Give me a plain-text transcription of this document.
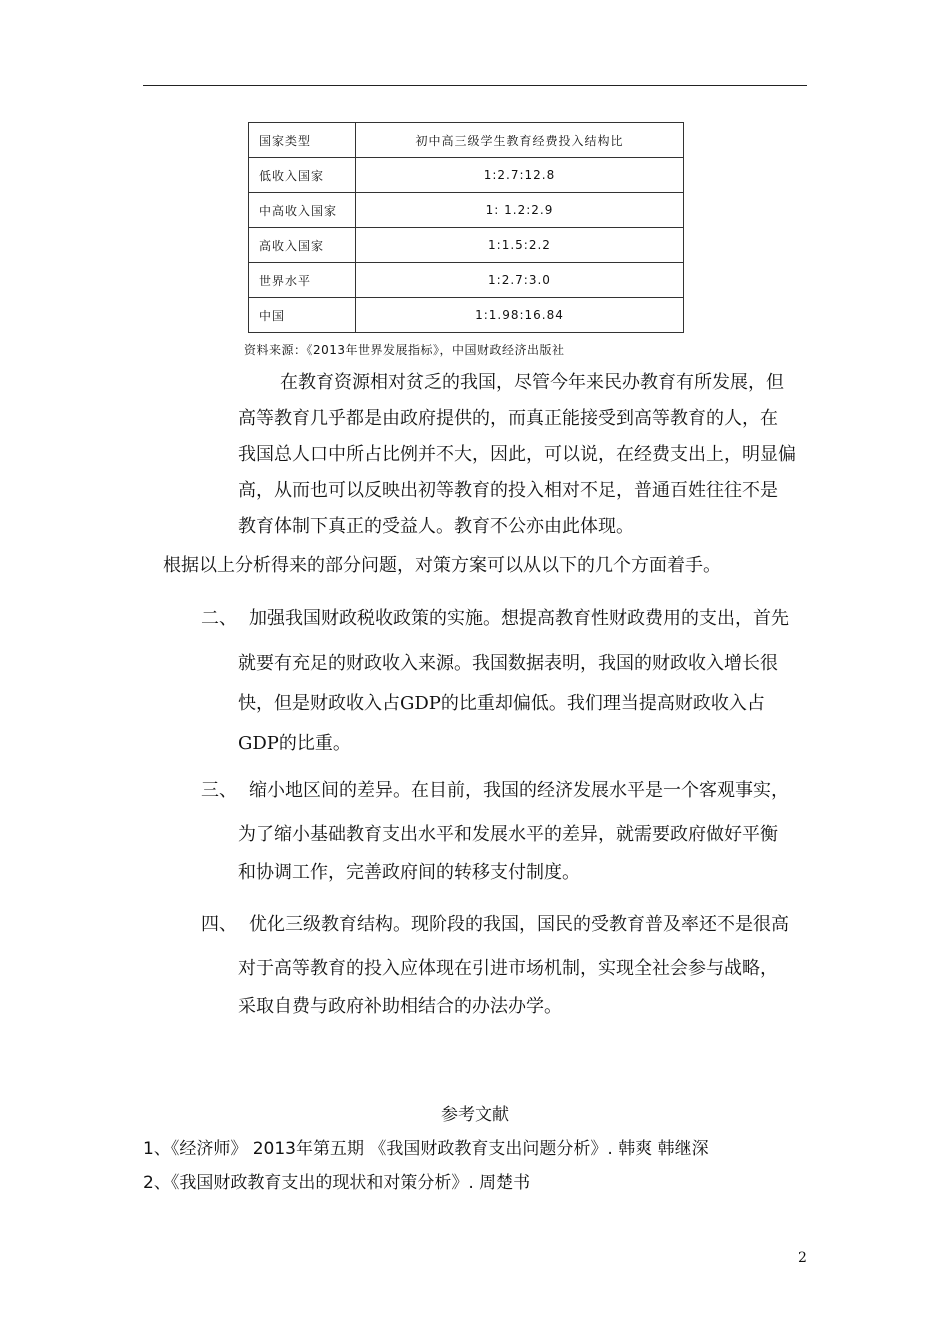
国家类型	初中高三级学生教育经费投入结构比
低收入国家	1:2.7:12.8
中高收入国家	1: 1.2:2.9
高收入国家	1:1.5:2.2
世界水平	1:2.7:3.0
中国	1:1.98:16.84
资料来源：《2013年世界发展指标》，中国财政经济出版社
在教育资源相对贫乏的我国，尽管今年来民办教育有所发展，但
高等教育几乎都是由政府提供的，而真正能接受到高等教育的人，在
我国总人口中所占比例并不大，因此，可以说，在经费支出上，明显偏
高，从而也可以反映出初等教育的投入相对不足，普通百姓往往不是
教育体制下真正的受益人。教育不公亦由此体现。
根据以上分析得来的部分问题，对策方案可以从以下的几个方面着手。
二、 加强我国财政税收政策的实施。想提高教育性财政费用的支出，首先
就要有充足的财政收入来源。我国数据表明，我国的财政收入增长很
快，但是财政收入占GDP的比重却偏低。我们理当提高财政收入占
GDP的比重。
三、 缩小地区间的差异。在目前，我国的经济发展水平是一个客观事实，
为了缩小基础教育支出水平和发展水平的差异，就需要政府做好平衡
和协调工作，完善政府间的转移支付制度。
四、 优化三级教育结构。现阶段的我国，国民的受教育普及率还不是很高
对于高等教育的投入应体现在引进市场机制，实现全社会参与战略，
采取自费与政府补助相结合的办法办学。
参考文献
1、《经济师》 2013年第五期 《我国财政教育支出问题分析》. 韩爽 韩继深
2、《我国财政教育支出的现状和对策分析》. 周楚书
2
